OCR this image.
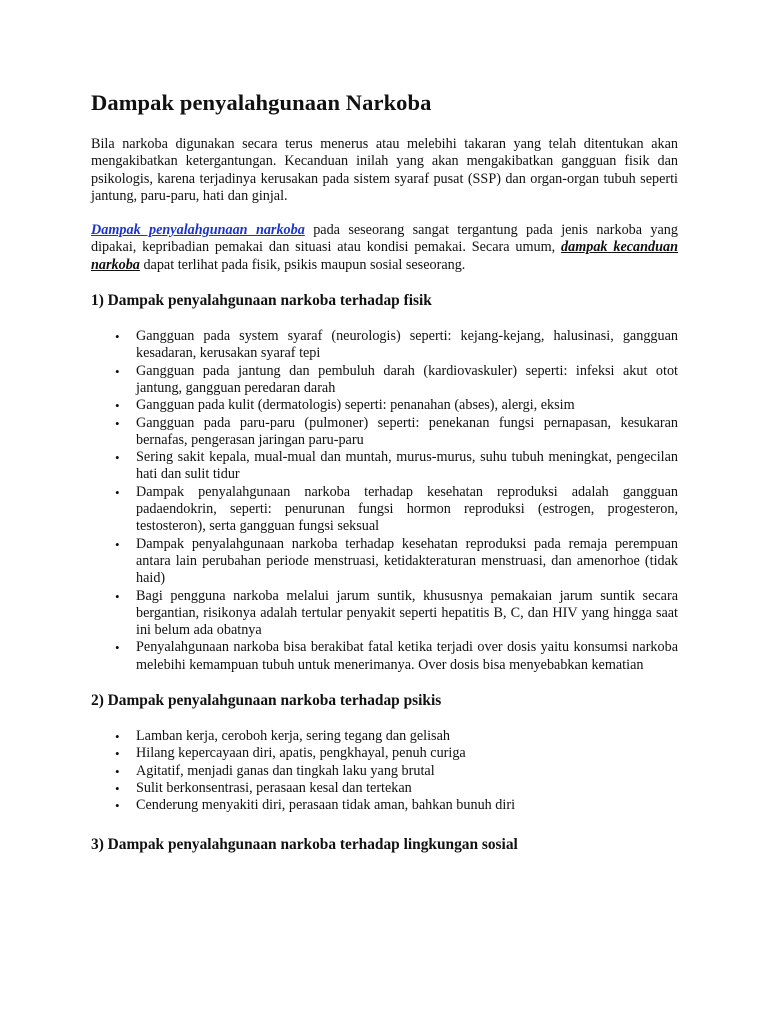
Dampak penyalahgunaan Narkoba

Bila narkoba digunakan secara terus menerus atau melebihi takaran yang telah ditentukan akan mengakibatkan ketergantungan. Kecanduan inilah yang akan mengakibatkan gangguan fisik dan psikologis, karena terjadinya kerusakan pada sistem syaraf pusat (SSP) dan organ-organ tubuh seperti jantung, paru-paru, hati dan ginjal.

Dampak penyalahgunaan narkoba pada seseorang sangat tergantung pada jenis narkoba yang dipakai, kepribadian pemakai dan situasi atau kondisi pemakai. Secara umum, dampak kecanduan narkoba dapat terlihat pada fisik, psikis maupun sosial seseorang.

1) Dampak penyalahgunaan narkoba terhadap fisik
• Gangguan pada system syaraf (neurologis) seperti: kejang-kejang, halusinasi, gangguan kesadaran, kerusakan syaraf tepi
• Gangguan pada jantung dan pembuluh darah (kardiovaskuler) seperti: infeksi akut otot jantung, gangguan peredaran darah
• Gangguan pada kulit (dermatologis) seperti: penanahan (abses), alergi, eksim
• Gangguan pada paru-paru (pulmoner) seperti: penekanan fungsi pernapasan, kesukaran bernafas, pengerasan jaringan paru-paru
• Sering sakit kepala, mual-mual dan muntah, murus-murus, suhu tubuh meningkat, pengecilan hati dan sulit tidur
• Dampak penyalahgunaan narkoba terhadap kesehatan reproduksi adalah gangguan padaendokrin, seperti: penurunan fungsi hormon reproduksi (estrogen, progesteron, testosteron), serta gangguan fungsi seksual
• Dampak penyalahgunaan narkoba terhadap kesehatan reproduksi pada remaja perempuan antara lain perubahan periode menstruasi, ketidakteraturan menstruasi, dan amenorhoe (tidak haid)
• Bagi pengguna narkoba melalui jarum suntik, khususnya pemakaian jarum suntik secara bergantian, risikonya adalah tertular penyakit seperti hepatitis B, C, dan HIV yang hingga saat ini belum ada obatnya
• Penyalahgunaan narkoba bisa berakibat fatal ketika terjadi over dosis yaitu konsumsi narkoba melebihi kemampuan tubuh untuk menerimanya. Over dosis bisa menyebabkan kematian
2) Dampak penyalahgunaan narkoba terhadap psikis
• Lamban kerja, ceroboh kerja, sering tegang dan gelisah
• Hilang kepercayaan diri, apatis, pengkhayal, penuh curiga
• Agitatif, menjadi ganas dan tingkah laku yang brutal
• Sulit berkonsentrasi, perasaan kesal dan tertekan
• Cenderung menyakiti diri, perasaan tidak aman, bahkan bunuh diri
3) Dampak penyalahgunaan narkoba terhadap lingkungan sosial
